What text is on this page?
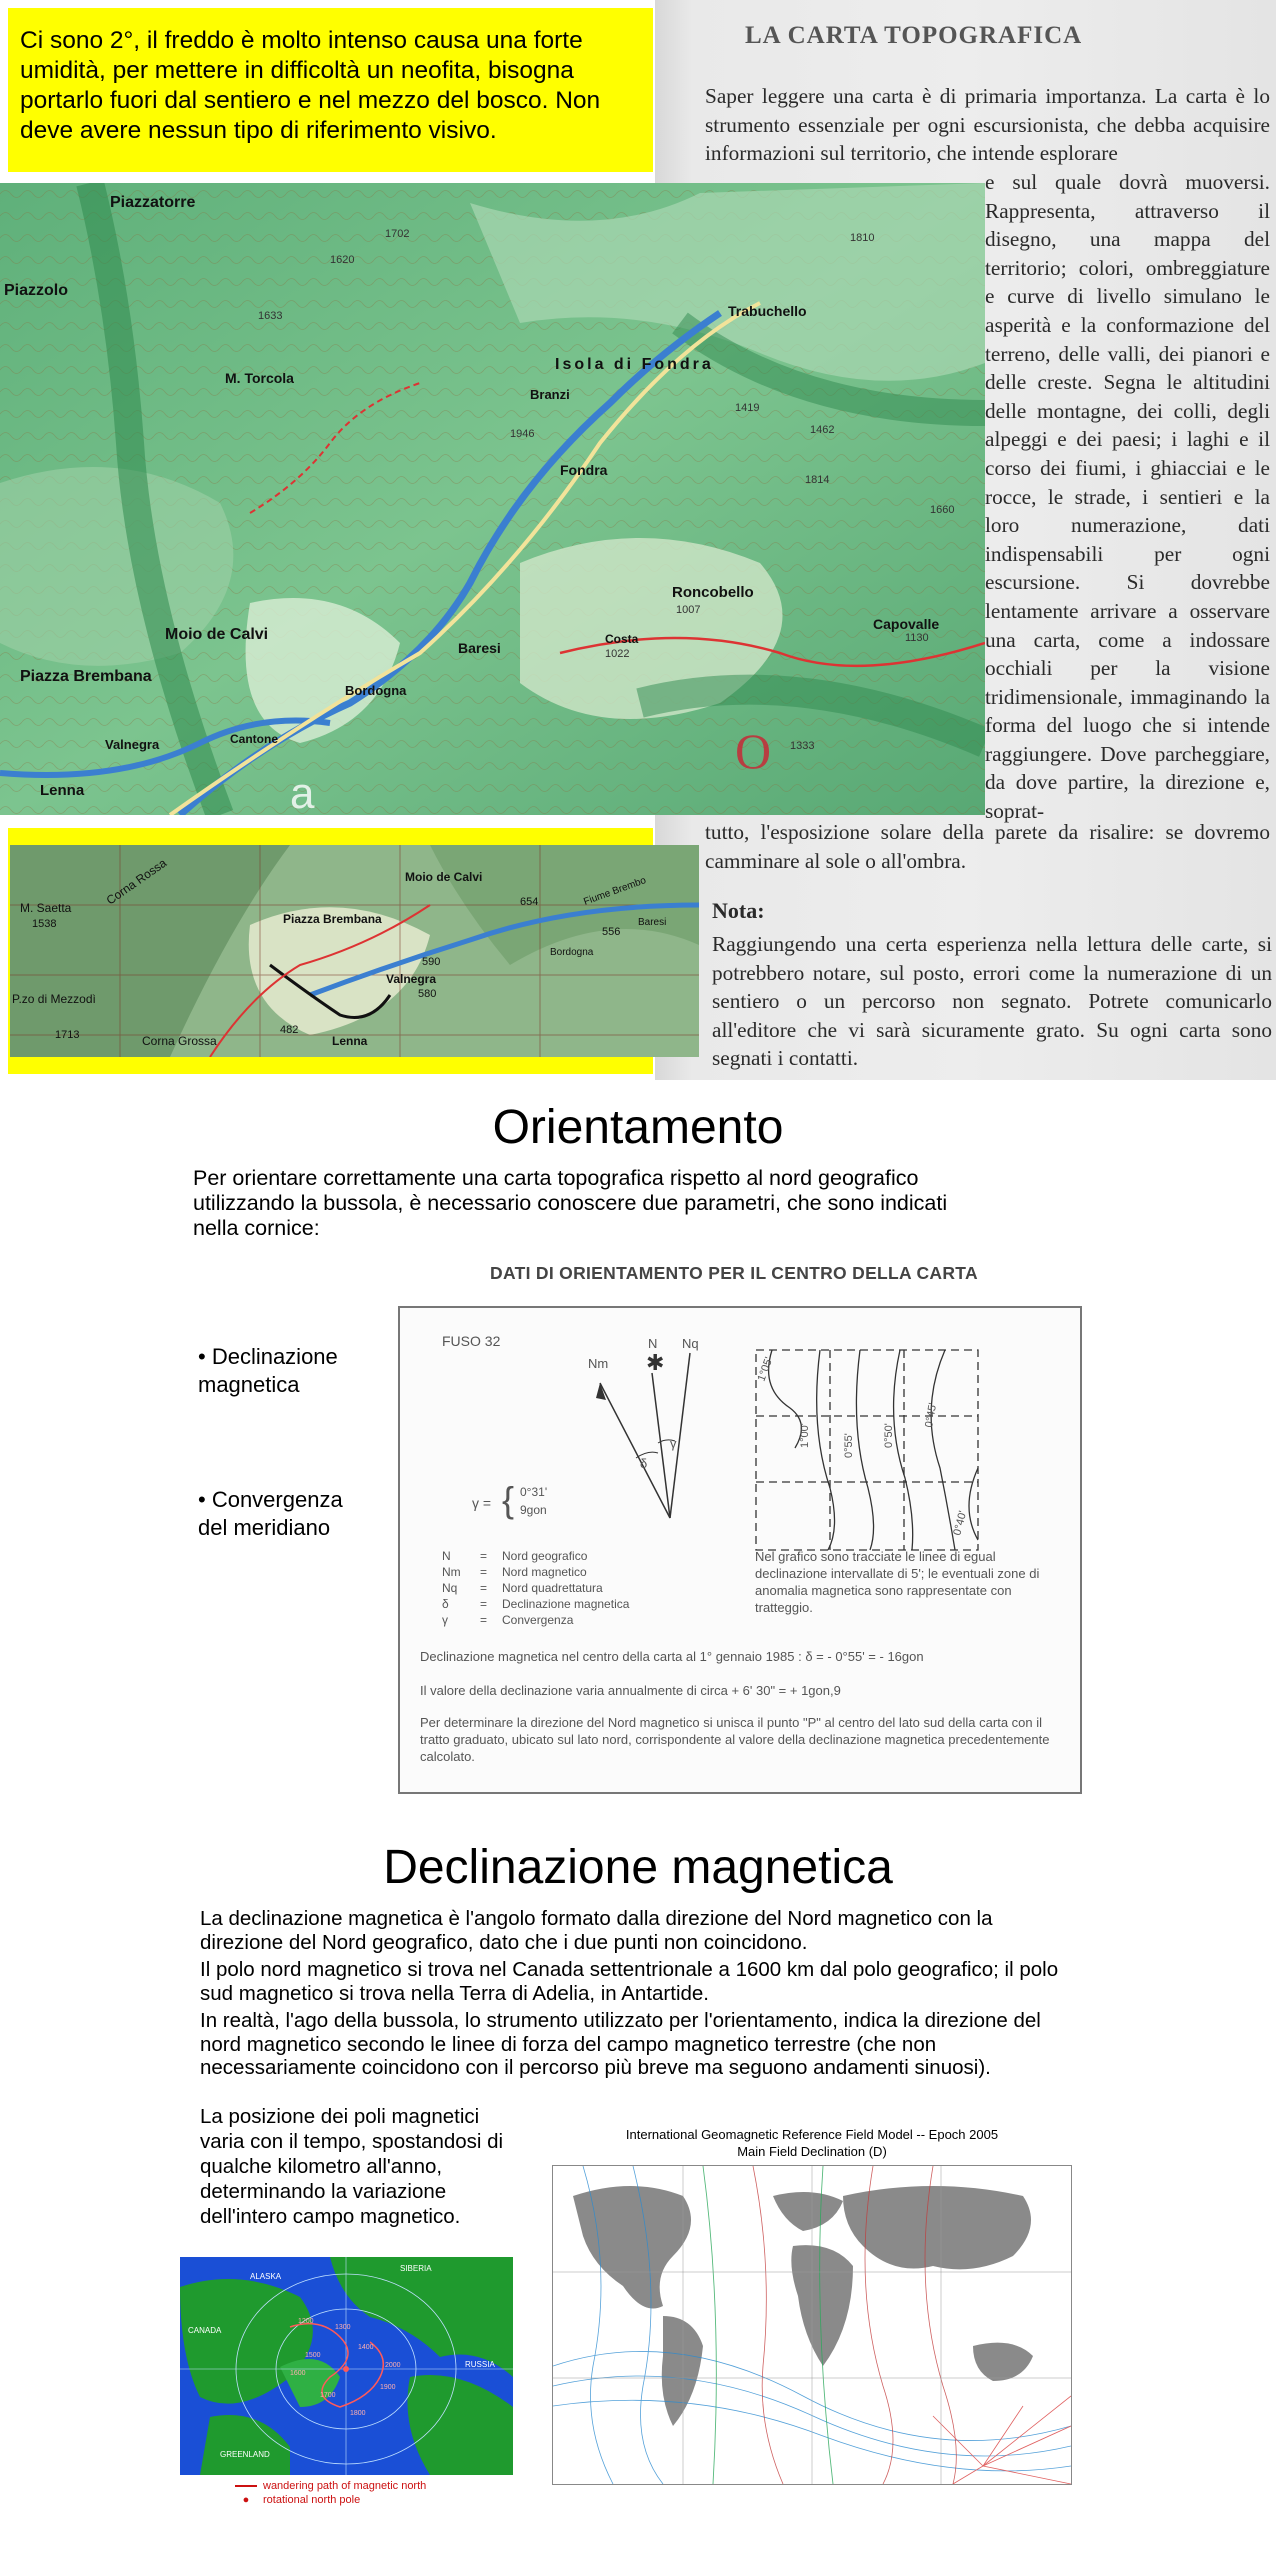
Ci sono 2°, il freddo è molto intenso causa una forte umidità, per mettere in difficoltà un neofita, bisogna portarlo fuori dal sentiero e nel mezzo del bosco. Non deve avere nessun tipo di riferimento visivo.
LA CARTA TOPOGRAFICA
Saper leggere una carta è di primaria importanza. La carta è lo strumento essenziale per ogni escursionista, che debba acquisire informazioni sul territorio, che intende esplorare
e sul quale dovrà muoversi. Rappresenta, attraverso il disegno, una mappa del territorio; colori, ombreggiature e curve di livello simulano le asperità e la conformazione del terreno, delle valli, dei pianori e delle creste. Segna le altitudini delle montagne, dei colli, degli alpeggi e dei paesi; i laghi e il corso dei fiumi, i ghiacciai e le rocce, le strade, i sentieri e la loro numerazione, dati indispensabili per ogni escursione. Si dovrebbe lentamente arrivare a osservare una carta, come a indossare occhiali per la visione tridimensionale, immaginando la forma del luogo che si intende raggiungere. Dove parcheggiare, da dove partire, la direzione e, soprat-
tutto, l'esposizione solare della parete da risalire: se dovremo camminare al sole o all'ombra.
Nota:
Raggiungendo una certa esperienza nella lettura delle carte, si potrebbero notare, sul posto, errori come la numerazione di un sentiero o un percorso non segnato. Potrete comunicarlo all'editore che vi sarà sicuramente grato. Su ogni carta sono segnati i contatti.
O
a
Piazzatorre
Piazzolo
M. Torcola
Isola di Fondra
Trabuchello
Fondra
Roncobello
Capovalle
Moio de Calvi
Piazza Brembana
Lenna
Valnegra
Bordogna
Baresi
Branzi
Costa
Cantone
1633
1702	1810
1814
1130
1007
1022
1333
1462
1660
1946
1620
1419
M. Saetta
Corna Rossa
Piazza Brembana
Moio de Calvi
Valnegra
Lenna
Corna Grossa
P.zo di Mezzodì
Bordogna
Baresi
Fiume Brembo
1538
1713
654
590
482
556
580
Orientamento
Per orientare correttamente una carta topografica rispetto al nord geografico utilizzando la bussola, è necessario conoscere due parametri, che sono indicati nella cornice:
DATI DI ORIENTAMENTO PER IL CENTRO DELLA CARTA
• Declinazione magnetica
• Convergenza del meridiano
FUSO 32
Nm
N
✱
Nq
δ
γ
γ = { 0°31'
9gon
N = Nord geografico
Nm = Nord magnetico
Nq = Nord quadrettatura
δ	= Declinazione magnetica
γ	= Convergenza
1°05'
1°00'	0°55'	0°50'
0°45'
0°40'
Nel grafico sono tracciate le linee di egual declinazione intervallate di 5'; le eventuali zone di anomalia magnetica sono rappresentate con tratteggio.
Declinazione magnetica nel centro della carta al 1° gennaio 1985 : δ = - 0°55' = - 16gon
Il valore della declinazione varia annualmente di circa + 6' 30" = + 1gon,9
Per determinare la direzione del Nord magnetico si unisca il punto "P" al centro del lato sud della carta con il tratto graduato, ubicato sul lato nord, corrispondente al valore della declinazione magnetica precedentemente calcolato.
Declinazione magnetica

La declinazione magnetica è l'angolo formato dalla direzione del Nord magnetico con la direzione del Nord geografico, dato che i due punti non coincidono.

Il polo nord magnetico si trova nel Canada settentrionale a 1600 km dal polo geografico; il polo sud magnetico si trova nella Terra di Adelia, in Antartide.

In realtà, l'ago della bussola, lo strumento utilizzato per l'orientamento, indica la direzione del nord magnetico secondo le linee di forza del campo magnetico terrestre (che non necessariamente coincidono con il percorso più breve ma seguono andamenti sinuosi).

La posizione dei poli magnetici varia con il tempo, spostandosi di qualche kilometro all'anno, determinando la variazione dell'intero campo magnetico.
ALASKA
SIBERIA
CANADA
RUSSIA
GREENLAND
1200
1300
1400
1500
1600
1700
1800
1900
2000
wandering path of magnetic north
● rotational north pole
International Geomagnetic Reference Field Model -- Epoch 2005
Main Field Declination (D)
